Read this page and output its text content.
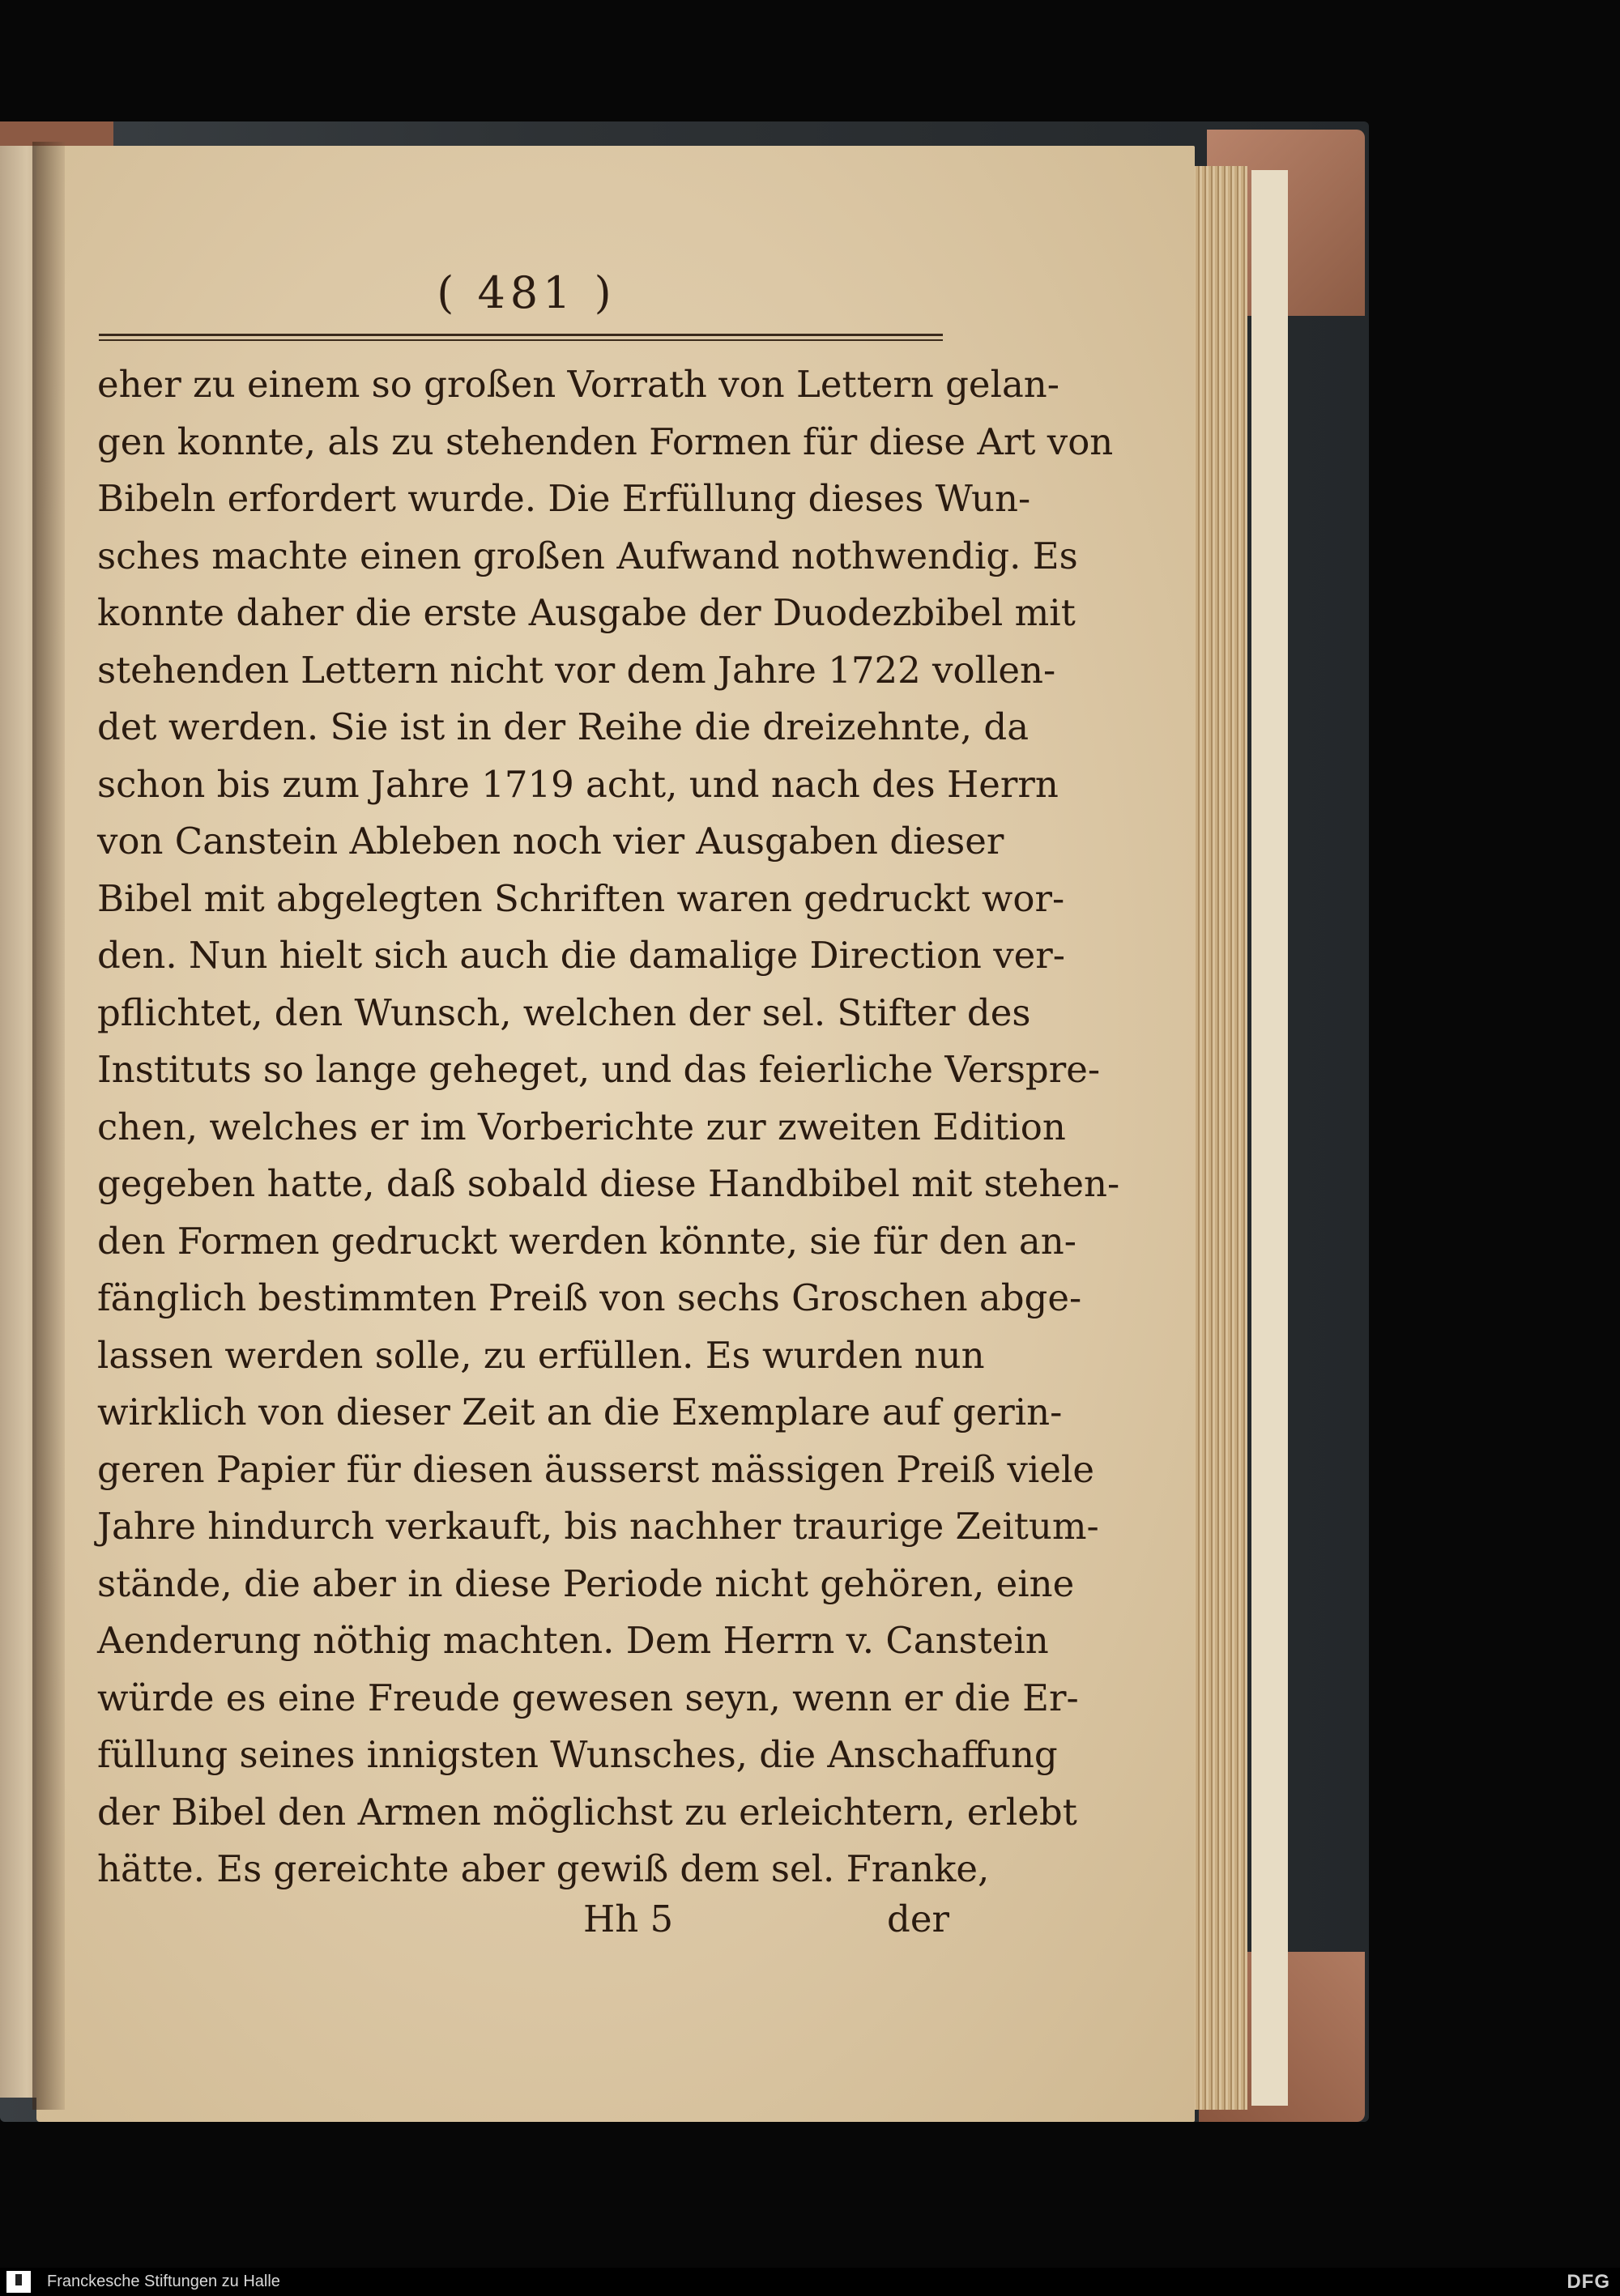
( 481 )
eher zu einem so großen Vorrath von Lettern gelan-
gen konnte, als zu stehenden Formen für diese Art von
Bibeln erfordert wurde. Die Erfüllung dieses Wun-
sches machte einen großen Aufwand nothwendig. Es
konnte daher die erste Ausgabe der Duodezbibel mit
stehenden Lettern nicht vor dem Jahre 1722 vollen-
det werden. Sie ist in der Reihe die dreizehnte, da
schon bis zum Jahre 1719 acht, und nach des Herrn
von Canstein Ableben noch vier Ausgaben dieser
Bibel mit abgelegten Schriften waren gedruckt wor-
den. Nun hielt sich auch die damalige Direction ver-
pflichtet, den Wunsch, welchen der sel. Stifter des
Instituts so lange geheget, und das feierliche Verspre-
chen, welches er im Vorberichte zur zweiten Edition
gegeben hatte, daß sobald diese Handbibel mit stehen-
den Formen gedruckt werden könnte, sie für den an-
fänglich bestimmten Preiß von sechs Groschen abge-
lassen werden solle, zu erfüllen. Es wurden nun
wirklich von dieser Zeit an die Exemplare auf gerin-
geren Papier für diesen äusserst mässigen Preiß viele
Jahre hindurch verkauft, bis nachher traurige Zeitum-
stände, die aber in diese Periode nicht gehören, eine
Aenderung nöthig machten. Dem Herrn v. Canstein
würde es eine Freude gewesen seyn, wenn er die Er-
füllung seines innigsten Wunsches, die Anschaffung
der Bibel den Armen möglichst zu erleichtern, erlebt
hätte. Es gereichte aber gewiß dem sel. Franke,
Hh 5	der
Franckesche Stiftungen zu Halle	DFG
